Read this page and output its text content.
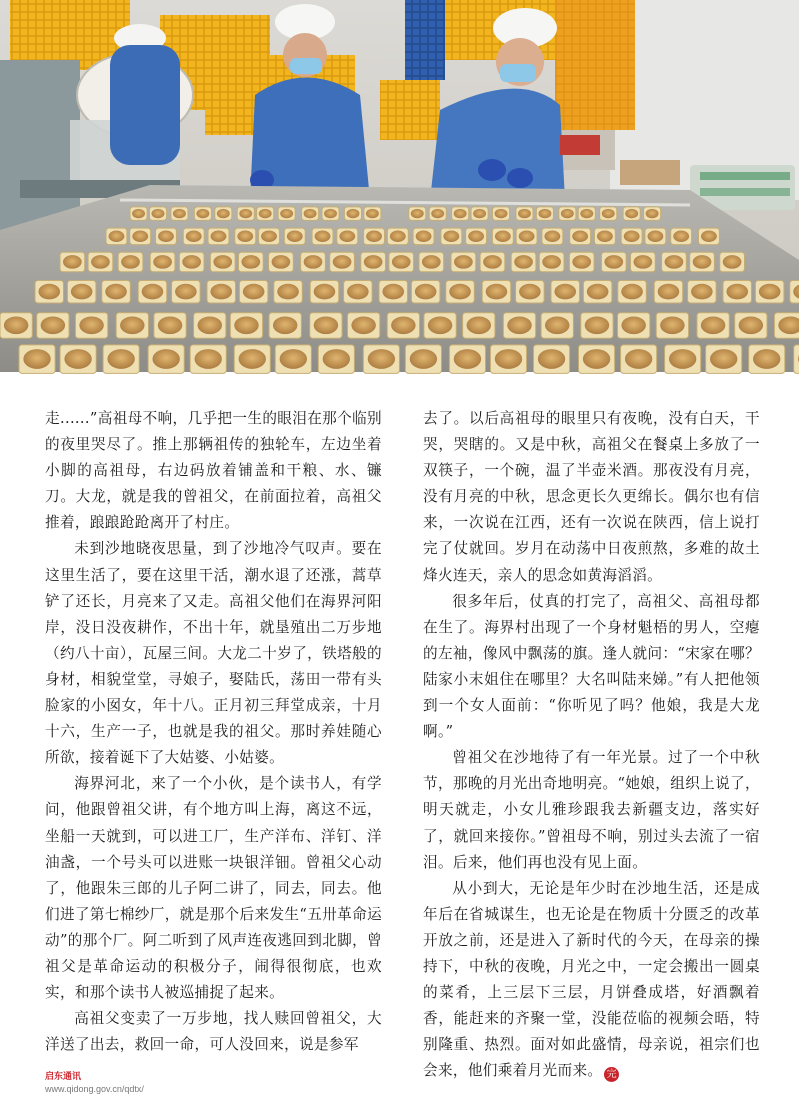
走......”高祖母不响，几乎把一生的眼泪在那个临别的夜里哭尽了。推上那辆祖传的独轮车，左边坐着小脚的高祖母，右边码放着铺盖和干粮、水、镰刀。大龙，就是我的曾祖父，在前面拉着，高祖父推着，踉踉跄跄离开了村庄。

未到沙地晓夜思量，到了沙地冷气叹声。要在这里生活了，要在这里干活，潮水退了还涨，蒿草铲了还长，月亮来了又走。高祖父他们在海界河阳岸，没日没夜耕作，不出十年，就垦殖出二万步地（约八十亩），瓦屋三间。大龙二十岁了，铁塔般的身材，相貌堂堂，寻娘子，娶陆氏，荡田一带有头脸家的小囡女，年十八。正月初三拜堂成亲，十月十六，生产一子，也就是我的祖父。那时养娃随心所欲，接着诞下了大姑婆、小姑婆。

海界河北，来了一个小伙，是个读书人，有学问，他跟曾祖父讲，有个地方叫上海，离这不远，坐船一天就到，可以进工厂，生产洋布、洋钉、洋油盏，一个号头可以进账一块银洋钿。曾祖父心动了，他跟朱三郎的儿子阿二讲了，同去，同去。他们进了第七棉纱厂，就是那个后来发生“五卅革命运动”的那个厂。阿二听到了风声连夜逃回到北脚，曾祖父是革命运动的积极分子，闹得很彻底，也欢实，和那个读书人被巡捕捉了起来。

高祖父变卖了一万步地，找人赎回曾祖父，大洋送了出去，救回一命，可人没回来，说是参军

去了。以后高祖母的眼里只有夜晚，没有白天，干哭，哭瞎的。又是中秋，高祖父在餐桌上多放了一双筷子，一个碗，温了半壶米酒。那夜没有月亮，没有月亮的中秋，思念更长久更绵长。偶尔也有信来，一次说在江西，还有一次说在陕西，信上说打完了仗就回。岁月在动荡中日夜煎熬，多难的故土烽火连天，亲人的思念如黄海滔滔。

很多年后，仗真的打完了，高祖父、高祖母都在生了。海界村出现了一个身材魁梧的男人，空瘪的左袖，像风中飘荡的旗。逢人就问：“宋家在哪？陆家小末姐住在哪里？大名叫陆来娣。”有人把他领到一个女人面前：“你听见了吗？他娘，我是大龙啊。”

曾祖父在沙地待了有一年光景。过了一个中秋节，那晚的月光出奇地明亮。“她娘，组织上说了，明天就走，小女儿雅珍跟我去新疆支边，落实好了，就回来接你。”曾祖母不响，别过头去流了一宿泪。后来，他们再也没有见上面。

从小到大，无论是年少时在沙地生活，还是成年后在省城谋生，也无论是在物质十分匮乏的改革开放之前，还是进入了新时代的今天，在母亲的操持下，中秋的夜晚，月光之中，一定会搬出一圆桌的菜肴，上三层下三层，月饼叠成塔，好酒飘着香，能赶来的齐聚一堂，没能莅临的视频会晤，特别隆重、热烈。面对如此盛情，母亲说，祖宗们也会来，他们乘着月光而来。 完

启东通讯
www.qidong.gov.cn/qdtx/
